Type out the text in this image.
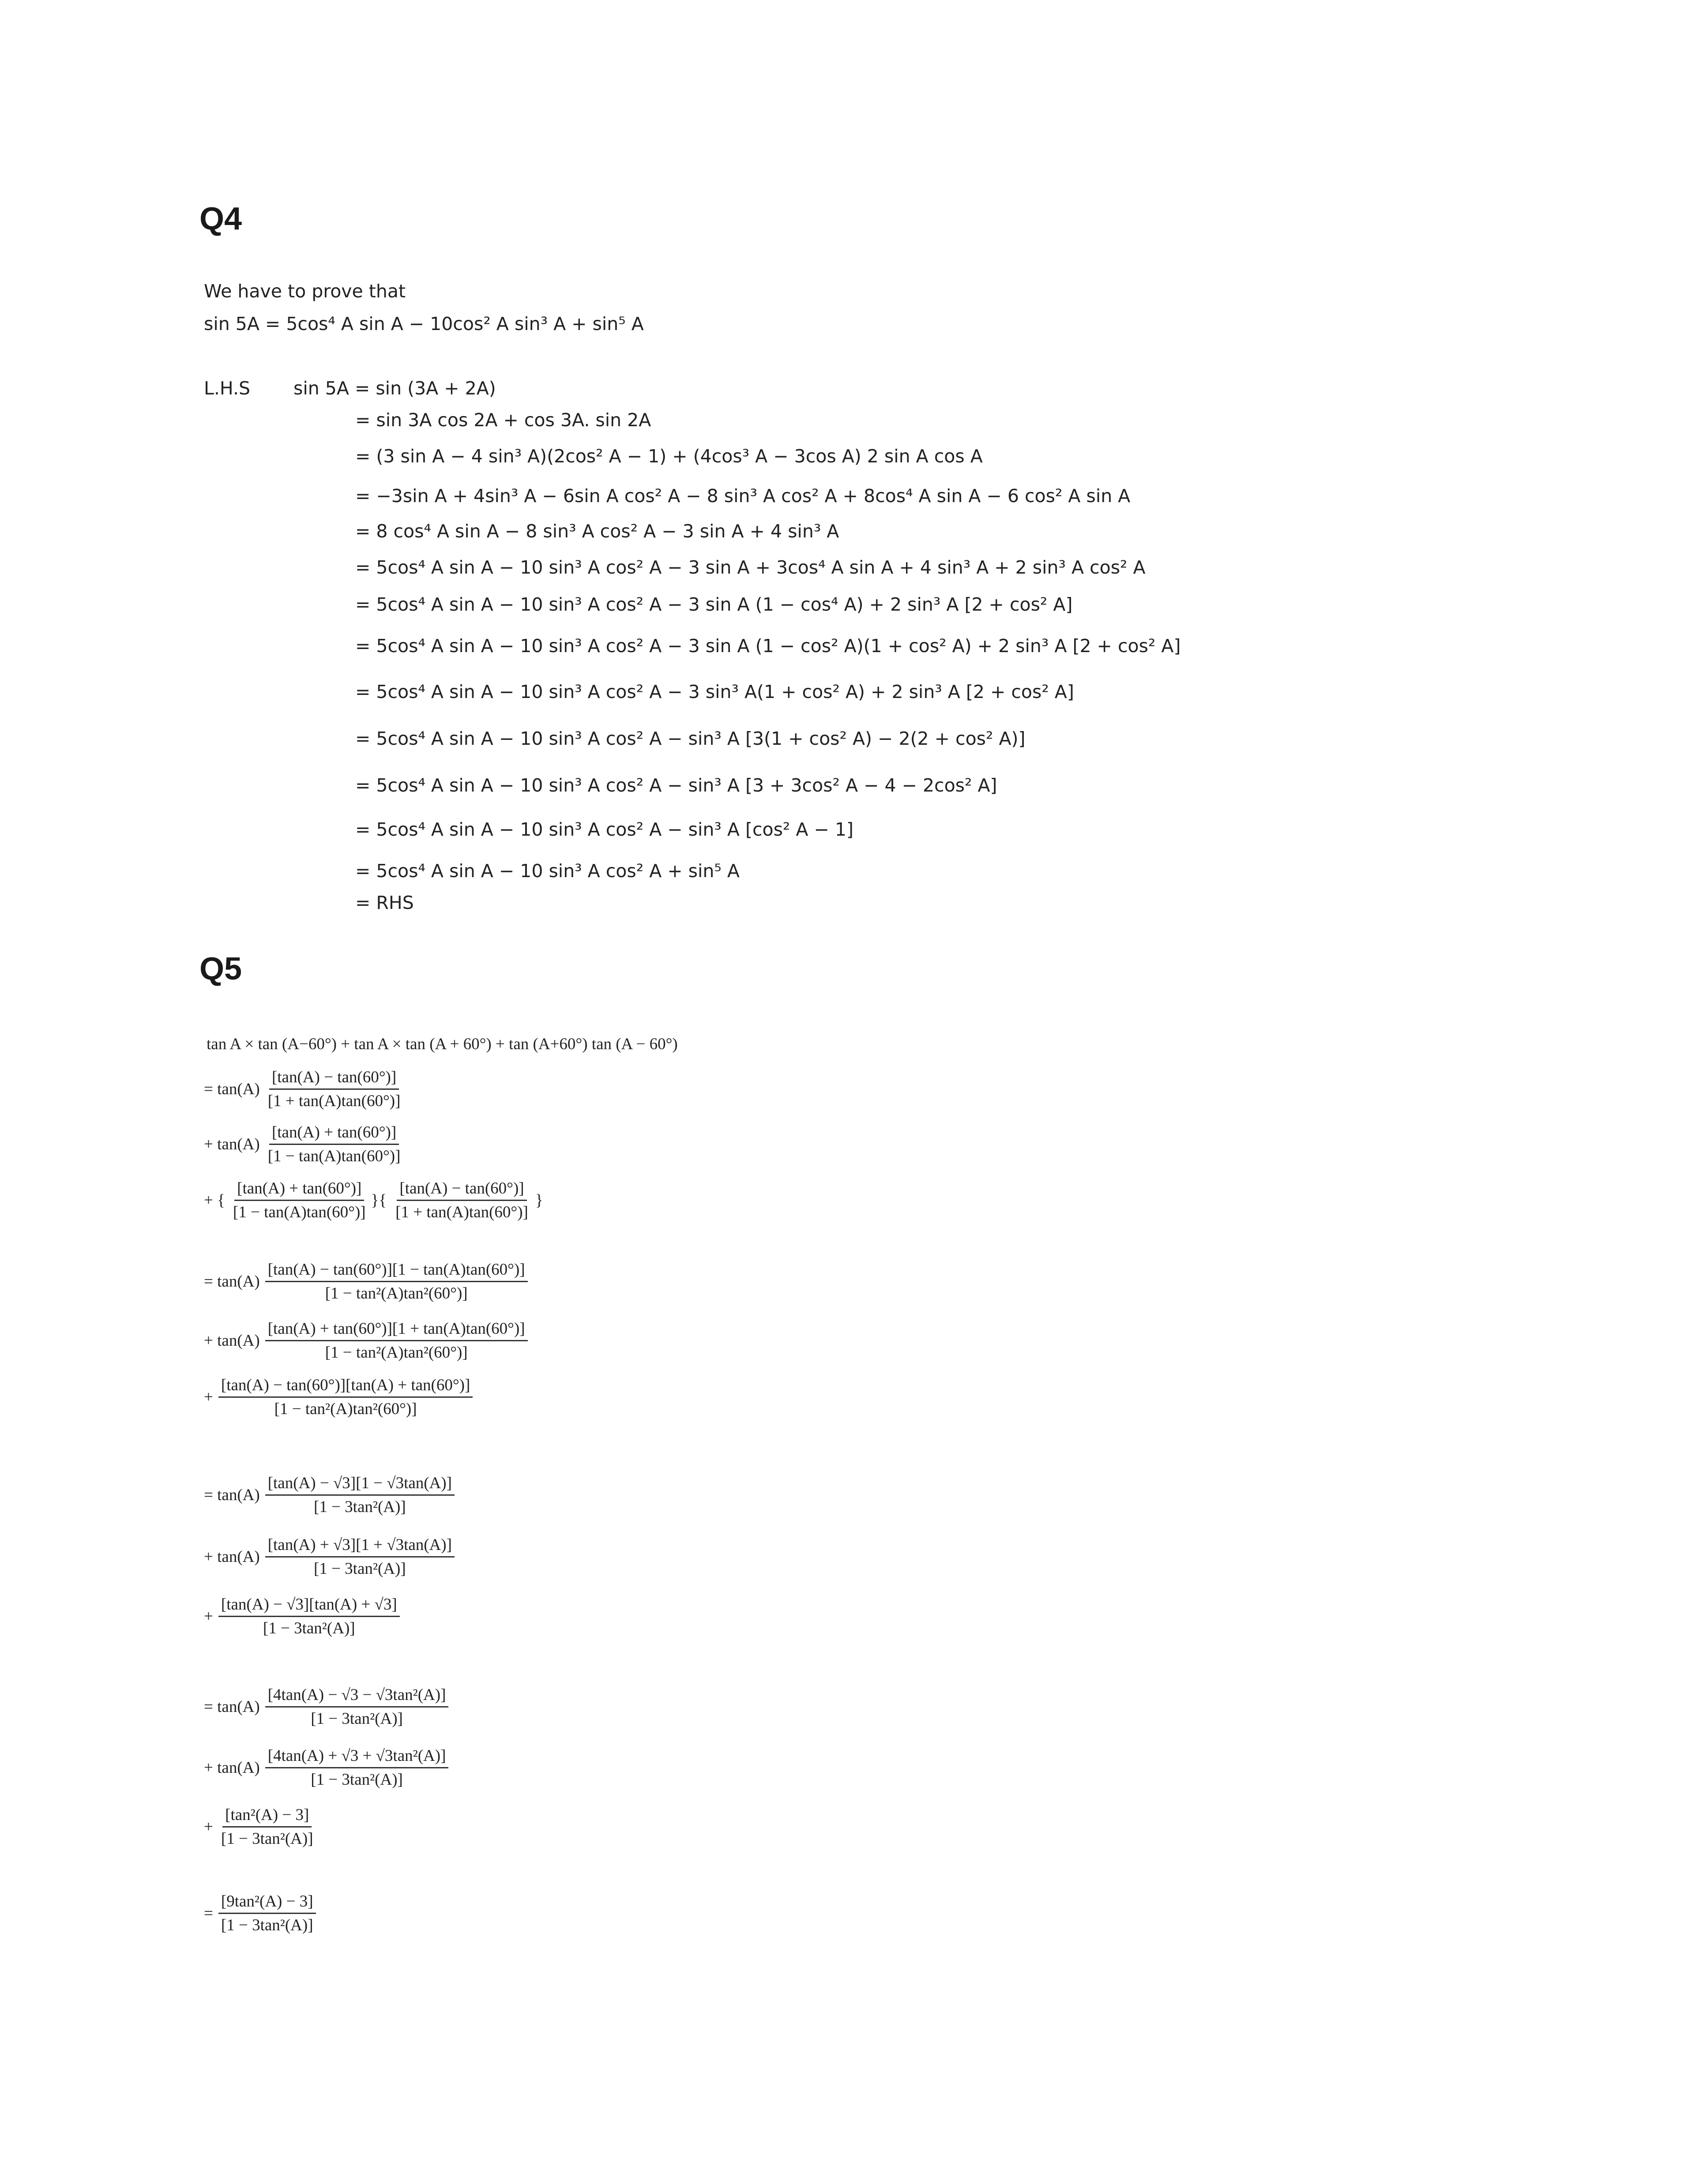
Q4
We have to prove that
sin 5A = 5cos⁴ A sin A − 10cos² A sin³ A + sin⁵ A
L.H.S sin 5A = sin (3A + 2A)
= sin 3A cos 2A + cos 3A. sin 2A
= (3 sin A − 4 sin³ A)(2cos² A − 1) + (4cos³ A − 3cos A) 2 sin A cos A
= −3sin A + 4sin³ A − 6sin A cos² A − 8 sin³ A cos² A + 8cos⁴ A sin A − 6 cos² A sin A
= 8 cos⁴ A sin A − 8 sin³ A cos² A − 3 sin A + 4 sin³ A
= 5cos⁴ A sin A − 10 sin³ A cos² A − 3 sin A + 3cos⁴ A sin A + 4 sin³ A + 2 sin³ A cos² A
= 5cos⁴ A sin A − 10 sin³ A cos² A − 3 sin A (1 − cos⁴ A) + 2 sin³ A [2 + cos² A]
= 5cos⁴ A sin A − 10 sin³ A cos² A − 3 sin A (1 − cos² A)(1 + cos² A) + 2 sin³ A [2 + cos² A]
= 5cos⁴ A sin A − 10 sin³ A cos² A − 3 sin³ A(1 + cos² A) + 2 sin³ A [2 + cos² A]
= 5cos⁴ A sin A − 10 sin³ A cos² A − sin³ A [3(1 + cos² A) − 2(2 + cos² A)]
= 5cos⁴ A sin A − 10 sin³ A cos² A − sin³ A [3 + 3cos² A − 4 − 2cos² A]
= 5cos⁴ A sin A − 10 sin³ A cos² A − sin³ A [cos² A − 1]
= 5cos⁴ A sin A − 10 sin³ A cos² A + sin⁵ A
= RHS
Q5
tan A × tan (A−60°) + tan A × tan (A + 60°) + tan (A+60°) tan (A − 60°)
= $\tan(A) \frac{[\tan(A) - \tan(60^\circ)]}{[1 + \tan(A)\tan(60^\circ)]}$
+ $\tan(A) \frac{[\tan(A) + \tan(60^\circ)]}{[1 - \tan(A)\tan(60^\circ)]}$
+ { $\frac{[\tan(A) + \tan(60^\circ)]}{[1 - \tan(A)\tan(60^\circ)]}$ }{ $\frac{[\tan(A) - \tan(60^\circ)]}{[1 + \tan(A)\tan(60^\circ)]}$ }
= $\tan(A) \frac{[\tan(A) - \tan(60^\circ)][1 - \tan(A)\tan(60^\circ)]}{\text{[1 − tan²(A)tan²(60°)]}}$
+ $\tan(A) \frac{[\tan(A) + \tan(60^\circ)][1 + \tan(A)\tan(60^\circ)]}{\text{[1 − tan²(A)tan²(60°)]}}$
+ $\frac{[\tan(A) - \tan(60^\circ)][\tan(A) + \tan(60^\circ)]}{\text{[1 − tan²(A)tan²(60°)]}}$
= $\tan(A) \frac{[\tan(A) - √3][1 - √3\tan(A)]}{\text{[1 − 3tan²(A)]}}$
+ $\tan(A) \frac{[\tan(A) + √3][1 + √3\tan(A)]}{\text{[1 − 3tan²(A)]}}$
+ $\frac{[\tan(A) - √3][\tan(A) + √3]}{\text{[1 − 3tan²(A)]}}$
= $\tan(A) \frac{\text{[4tan(A) − √3 − √3tan²(A)]}}{\text{[1 − 3tan²(A)]}}$
+ $\tan(A) \frac{\text{[4tan(A) + √3 + √3tan²(A)]}}{\text{[1 − 3tan²(A)]}}$
+ $\frac{\text{[tan²(A) − 3]}}{\text{[1 − 3tan²(A)]}}$
= $\frac{\text{[9tan²(A) − 3]}}{\text{[1 − 3tan²(A)]}}$
